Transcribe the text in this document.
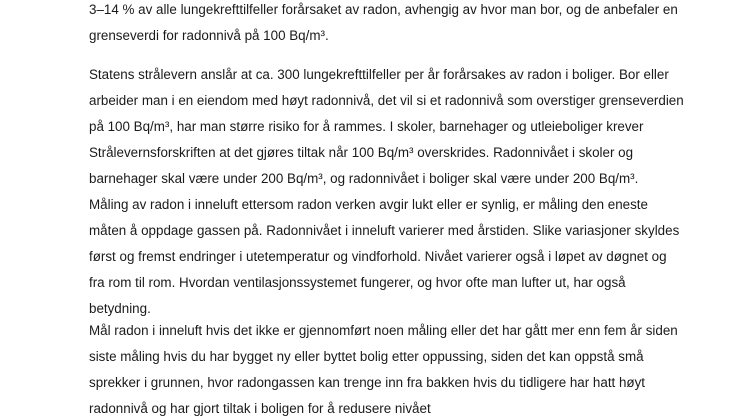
3–14 % av alle lungekrefttilfeller forårsaket av radon, avhengig av hvor man bor, og de anbefaler en
grenseverdi for radonnivå på 100 Bq/m³.
Statens strålevern anslår at ca. 300 lungekrefttilfeller per år forårsakes av radon i boliger. Bor eller
arbeider man i en eiendom med høyt radonnivå, det vil si et radonnivå som overstiger grenseverdien
på 100 Bq/m³, har man større risiko for å rammes. I skoler, barnehager og utleieboliger krever
Strålevernsforskriften at det gjøres tiltak når 100 Bq/m³ overskrides. Radonnivået i skoler og
barnehager skal være under 200 Bq/m³, og radonnivået i boliger skal være under 200 Bq/m³.
Måling av radon i inneluft ettersom radon verken avgir lukt eller er synlig, er måling den eneste
måten å oppdage gassen på. Radonnivået i inneluft varierer med årstiden. Slike variasjoner skyldes
først og fremst endringer i utetemperatur og vindforhold. Nivået varierer også i løpet av døgnet og
fra rom til rom. Hvordan ventilasjonssystemet fungerer, og hvor ofte man lufter ut, har også
betydning.
Mål radon i inneluft hvis det ikke er gjennomført noen måling eller det har gått mer enn fem år siden
siste måling hvis du har bygget ny eller byttet bolig etter oppussing, siden det kan oppstå små
sprekker i grunnen, hvor radongassen kan trenge inn fra bakken hvis du tidligere har hatt høyt
radonnivå og har gjort tiltak i boligen for å redusere nivået
